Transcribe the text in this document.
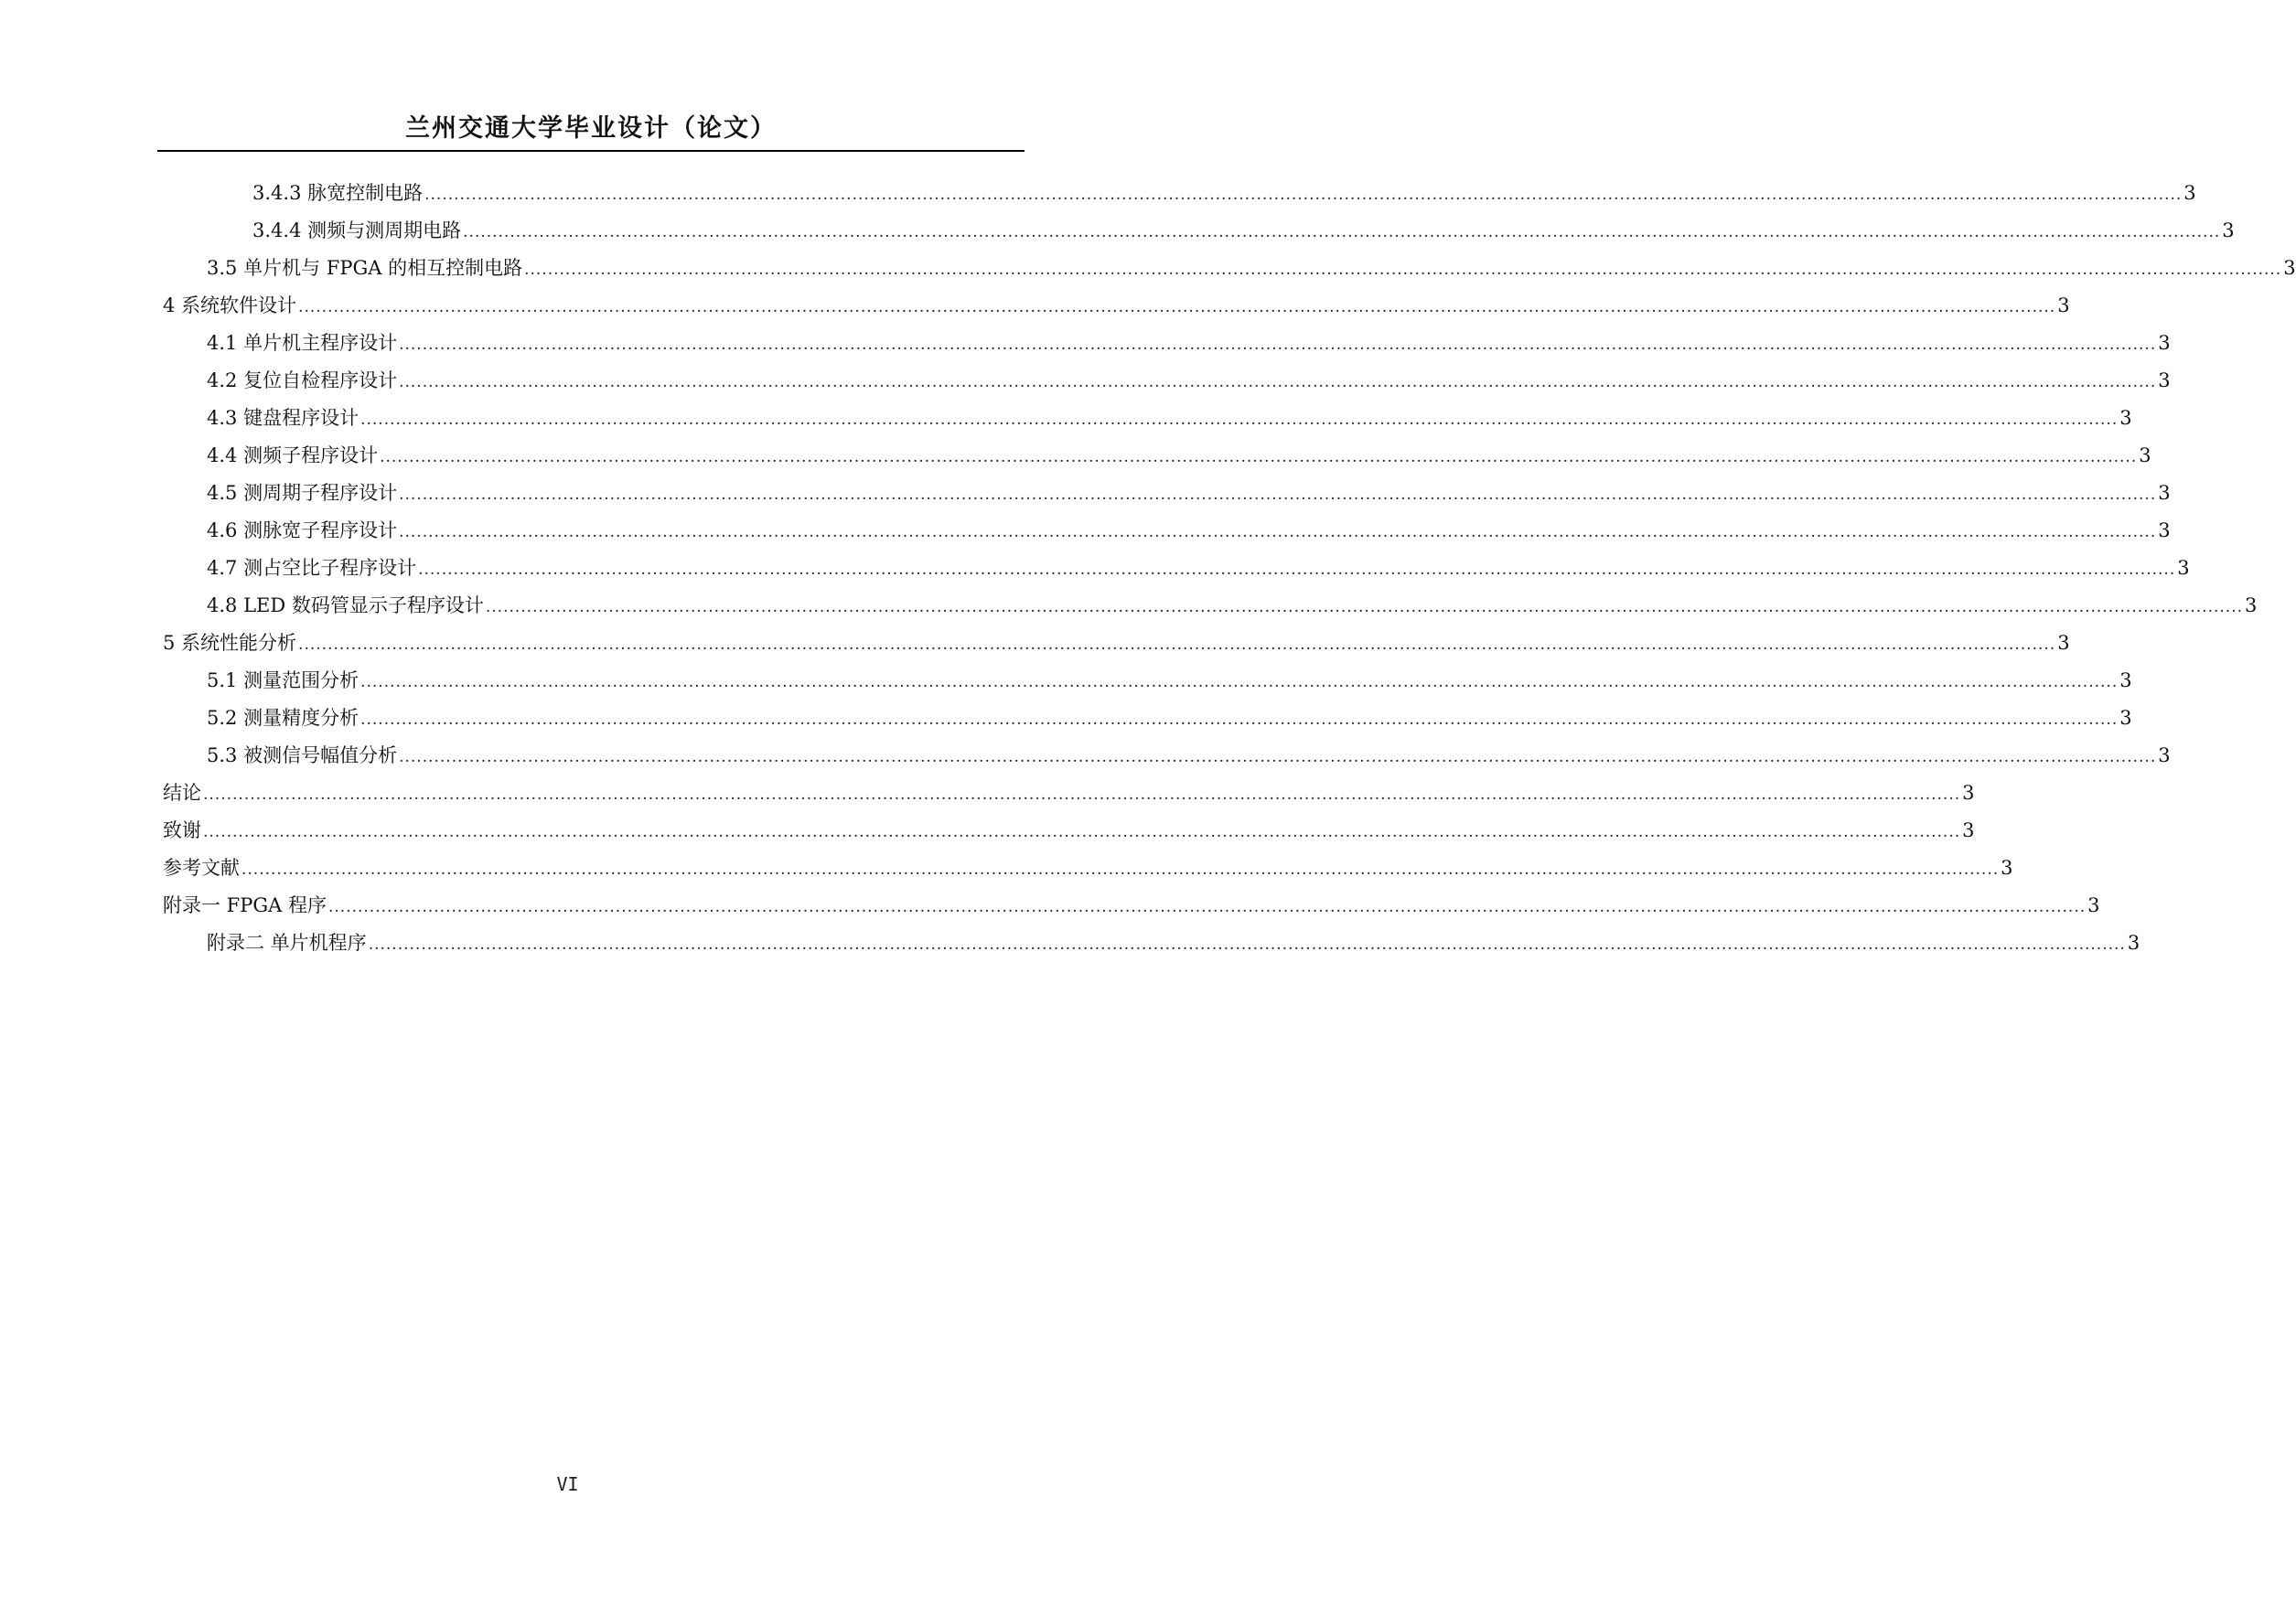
兰州交通大学毕业设计（论文）
3.4.3 脉宽控制电路 ............................................................................................................................................................................................................................................................................................................ 3
3.4.4 测频与测周期电路 ............................................................................................................................................................................................................................................................................................................ 3
3.5 单片机与 FPGA 的相互控制电路 ............................................................................................................................................................................................................................................................................................................ 3
4 系统软件设计 ............................................................................................................................................................................................................................................................................................................ 3
4.1 单片机主程序设计 ............................................................................................................................................................................................................................................................................................................ 3
4.2 复位自检程序设计 ............................................................................................................................................................................................................................................................................................................ 3
4.3 键盘程序设计 ............................................................................................................................................................................................................................................................................................................ 3
4.4 测频子程序设计 ............................................................................................................................................................................................................................................................................................................ 3
4.5 测周期子程序设计 ............................................................................................................................................................................................................................................................................................................ 3
4.6 测脉宽子程序设计 ............................................................................................................................................................................................................................................................................................................ 3
4.7 测占空比子程序设计 ............................................................................................................................................................................................................................................................................................................ 3
4.8 LED 数码管显示子程序设计 ............................................................................................................................................................................................................................................................................................................ 3
5 系统性能分析 ............................................................................................................................................................................................................................................................................................................ 3
5.1 测量范围分析 ............................................................................................................................................................................................................................................................................................................ 3
5.2 测量精度分析 ............................................................................................................................................................................................................................................................................................................ 3
5.3 被测信号幅值分析 ............................................................................................................................................................................................................................................................................................................ 3
结论 ............................................................................................................................................................................................................................................................................................................ 3
致谢 ............................................................................................................................................................................................................................................................................................................ 3
参考文献 ............................................................................................................................................................................................................................................................................................................ 3
附录一 FPGA 程序 ............................................................................................................................................................................................................................................................................................................ 3
附录二 单片机程序 ............................................................................................................................................................................................................................................................................................................ 3
VI
